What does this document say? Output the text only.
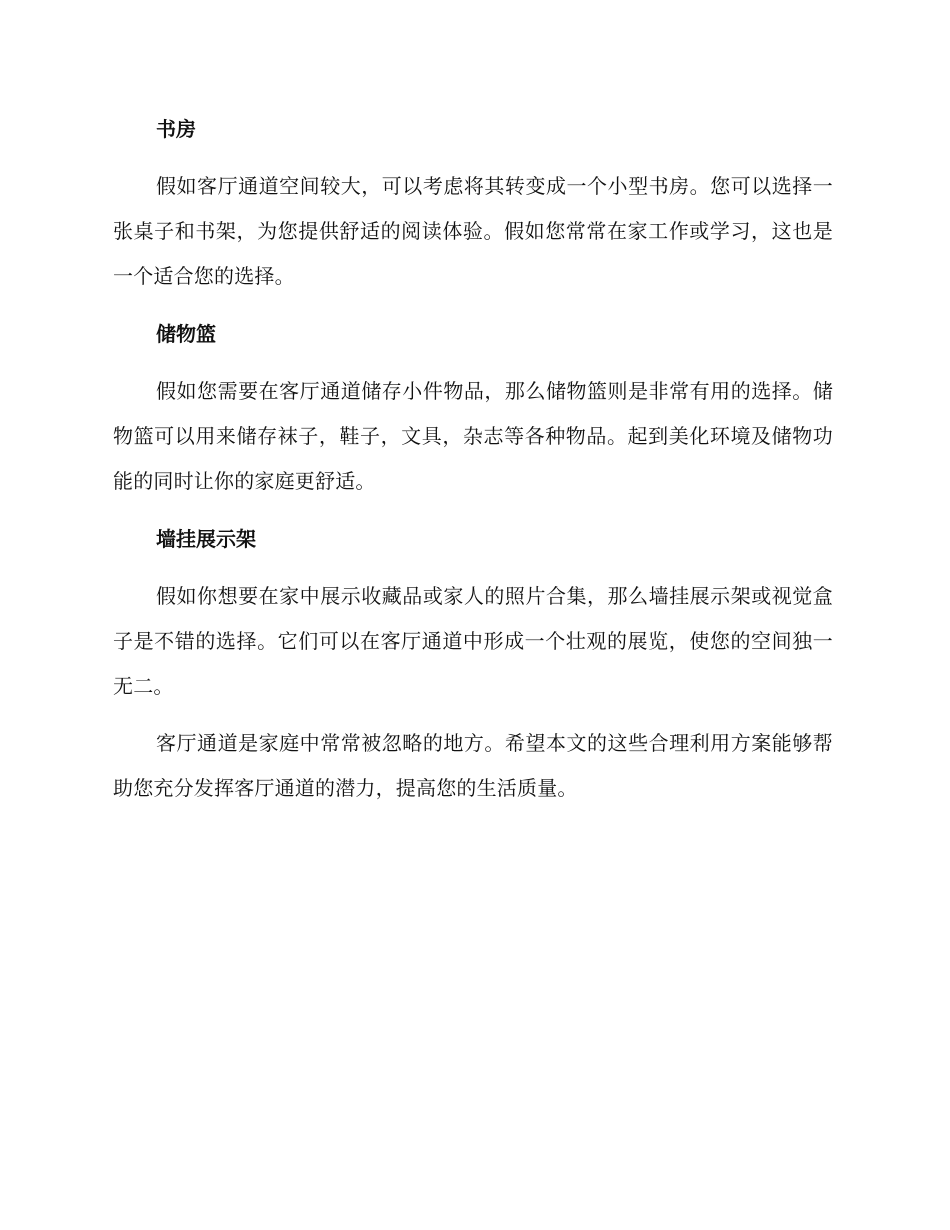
书房

假如客厅通道空间较大，可以考虑将其转变成一个小型书房。您可以选择一张桌子和书架，为您提供舒适的阅读体验。假如您常常在家工作或学习，这也是一个适合您的选择。

储物篮

假如您需要在客厅通道储存小件物品，那么储物篮则是非常有用的选择。储物篮可以用来储存袜子，鞋子，文具，杂志等各种物品。起到美化环境及储物功能的同时让你的家庭更舒适。

墙挂展示架

假如你想要在家中展示收藏品或家人的照片合集，那么墙挂展示架或视觉盒子是不错的选择。它们可以在客厅通道中形成一个壮观的展览，使您的空间独一无二。

客厅通道是家庭中常常被忽略的地方。希望本文的这些合理利用方案能够帮助您充分发挥客厅通道的潜力，提高您的生活质量。
